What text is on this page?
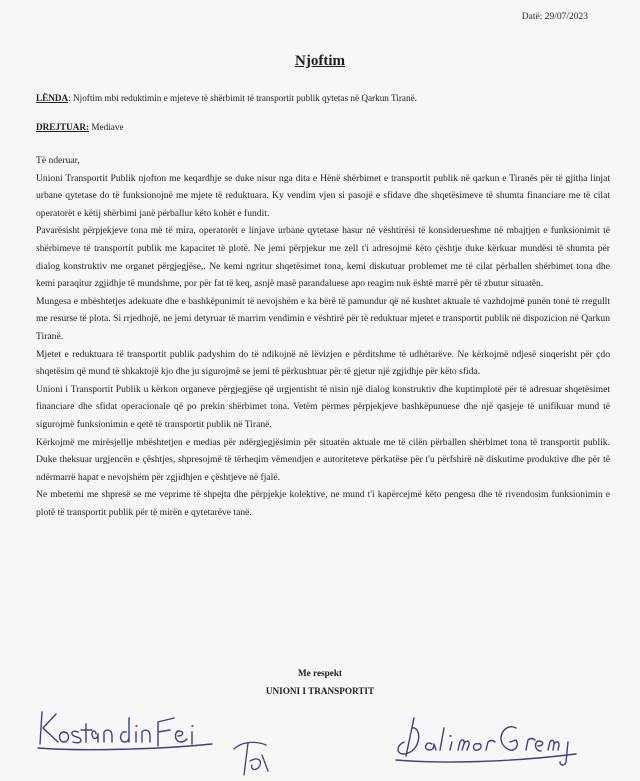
Datë: 29/07/2023
Njoftim
LËNDA: Njoftim mbi reduktimin e mjeteve të shërbimit të transportit publik qytetas në Qarkun Tiranë.
DREJTUAR: Mediave

Të nderuar,

Unioni Transportit Publik njofton me keqardhje se duke nisur nga dita e Hënë shërbimet e transportit publik në qarkun e Tiranës për të gjitha linjat urbane qytetase do të funksionojnë me mjete të reduktuara. Ky vendim vjen si pasojë e sfidave dhe shqetësimeve të shumta financiare me të cilat operatorët e këtij shërbimi janë përballur këto kohët e fundit.

Pavarësisht përpjekjeve tona më të mira, operatorët e linjave urbane qytetase hasur në vështirësi të konsiderueshme në mbajtjen e funksionimit të shërbimeve të transportit publik me kapacitet të plotë. Ne jemi përpjekur me zell t'i adresojmë këto çështje duke kërkuar mundësi të shumta për dialog konstruktiv me organet përgjegjëse,. Ne kemi ngritur shqetësimet tona, kemi diskutuar problemet me të cilat përballen shërbimet tona dhe kemi paraqitur zgjidhje të mundshme, por për fat të keq, asnjë masë parandaluese apo reagim nuk është marrë për të zbutur situatën.

Mungesa e mbështetjes adekuate dhe e bashkëpunimit të nevojshëm e ka bërë të pamundur që në kushtet aktuale të vazhdojmë punën tonë të rregullt me resurse të plota. Si rrjedhojë, ne jemi detyruar të marrim vendimin e vështirë për të reduktuar mjetet e transportit publik në dispozicion në Qarkun Tiranë.

Mjetet e reduktuara të transportit publik padyshim do të ndikojnë në lëvizjen e përditshme të udhëtarëve. Ne kërkojmë ndjesë sinqerisht për çdo shqetësim që mund të shkaktojë kjo dhe ju sigurojmë se jemi të përkushtuar për të gjetur një zgjidhje për këto sfida.

Unioni i Transportit Publik u kërkon organeve përgjegjëse që urgjentisht të nisin një dialog konstruktiv dhe kuptimplotë për të adresuar shqetësimet financiare dhe sfidat operacionale që po prekin shërbimet tona. Vetëm përmes përpjekjeve bashkëpunuese dhe një qasjeje të unifikuar mund të sigurojmë funksionimin e qetë të transportit publik në Tiranë.

Kërkojmë me mirësjellje mbështetjen e medias për ndërgjegjësimin për situatën aktuale me të cilën përballen shërbimet tona të transportit publik. Duke theksuar urgjencën e çështjes, shpresojmë të tërheqim vëmendjen e autoriteteve përkatëse për t'u përfshirë në diskutime produktive dhe për të ndërmarrë hapat e nevojshëm për zgjidhjen e çështjeve në fjalë.

Ne mbetemi me shpresë se me veprime të shpejta dhe përpjekje kolektive, ne mund t'i kapërcejmë këto pengesa dhe të rivendosim funksionimin e plotë të transportit publik për të mirën e qytetarëve tanë.

Me respekt
UNIONI I TRANSPORTIT
